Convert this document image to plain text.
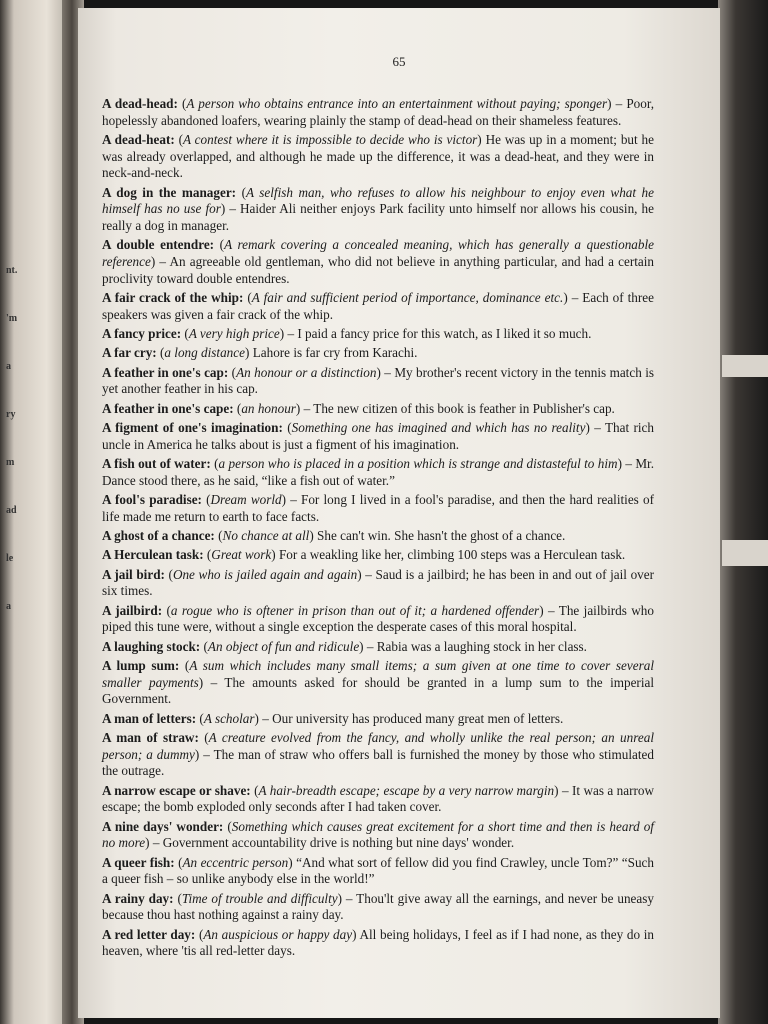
nt.
'm
a
ry
m
ad
le
a
65

A dead-head: (A person who obtains entrance into an entertainment without paying; sponger) – Poor, hopelessly abandoned loafers, wearing plainly the stamp of dead-head on their shameless features.

A dead-heat: (A contest where it is impossible to decide who is victor) He was up in a moment; but he was already overlapped, and although he made up the difference, it was a dead-heat, and they were in neck-and-neck.

A dog in the manager: (A selfish man, who refuses to allow his neighbour to enjoy even what he himself has no use for) – Haider Ali neither enjoys Park facility unto himself nor allows his cousin, he really a dog in manager.

A double entendre: (A remark covering a concealed meaning, which has generally a questionable reference) – An agreeable old gentleman, who did not believe in anything particular, and had a certain proclivity toward double entendres.

A fair crack of the whip: (A fair and sufficient period of importance, dominance etc.) – Each of three speakers was given a fair crack of the whip.

A fancy price: (A very high price) – I paid a fancy price for this watch, as I liked it so much.

A far cry: (a long distance) Lahore is far cry from Karachi.

A feather in one's cap: (An honour or a distinction) – My brother's recent victory in the tennis match is yet another feather in his cap.

A feather in one's cape: (an honour) – The new citizen of this book is feather in Publisher's cap.

A figment of one's imagination: (Something one has imagined and which has no reality) – That rich uncle in America he talks about is just a figment of his imagination.

A fish out of water: (a person who is placed in a position which is strange and distasteful to him) – Mr. Dance stood there, as he said, “like a fish out of water.”

A fool's paradise: (Dream world) – For long I lived in a fool's paradise, and then the hard realities of life made me return to earth to face facts.

A ghost of a chance: (No chance at all) She can't win. She hasn't the ghost of a chance.

A Herculean task: (Great work) For a weakling like her, climbing 100 steps was a Herculean task.

A jail bird: (One who is jailed again and again) – Saud is a jailbird; he has been in and out of jail over six times.

A jailbird: (a rogue who is oftener in prison than out of it; a hardened offender) – The jailbirds who piped this tune were, without a single exception the desperate cases of this moral hospital.

A laughing stock: (An object of fun and ridicule) – Rabia was a laughing stock in her class.

A lump sum: (A sum which includes many small items; a sum given at one time to cover several smaller payments) – The amounts asked for should be granted in a lump sum to the imperial Government.

A man of letters: (A scholar) – Our university has produced many great men of letters.

A man of straw: (A creature evolved from the fancy, and wholly unlike the real person; an unreal person; a dummy) – The man of straw who offers ball is furnished the money by those who stimulated the outrage.

A narrow escape or shave: (A hair-breadth escape; escape by a very narrow margin) – It was a narrow escape; the bomb exploded only seconds after I had taken cover.

A nine days' wonder: (Something which causes great excitement for a short time and then is heard of no more) – Government accountability drive is nothing but nine days' wonder.

A queer fish: (An eccentric person) “And what sort of fellow did you find Crawley, uncle Tom?” “Such a queer fish – so unlike anybody else in the world!”

A rainy day: (Time of trouble and difficulty) – Thou'lt give away all the earnings, and never be uneasy because thou hast nothing against a rainy day.

A red letter day: (An auspicious or happy day) All being holidays, I feel as if I had none, as they do in heaven, where 'tis all red-letter days.
